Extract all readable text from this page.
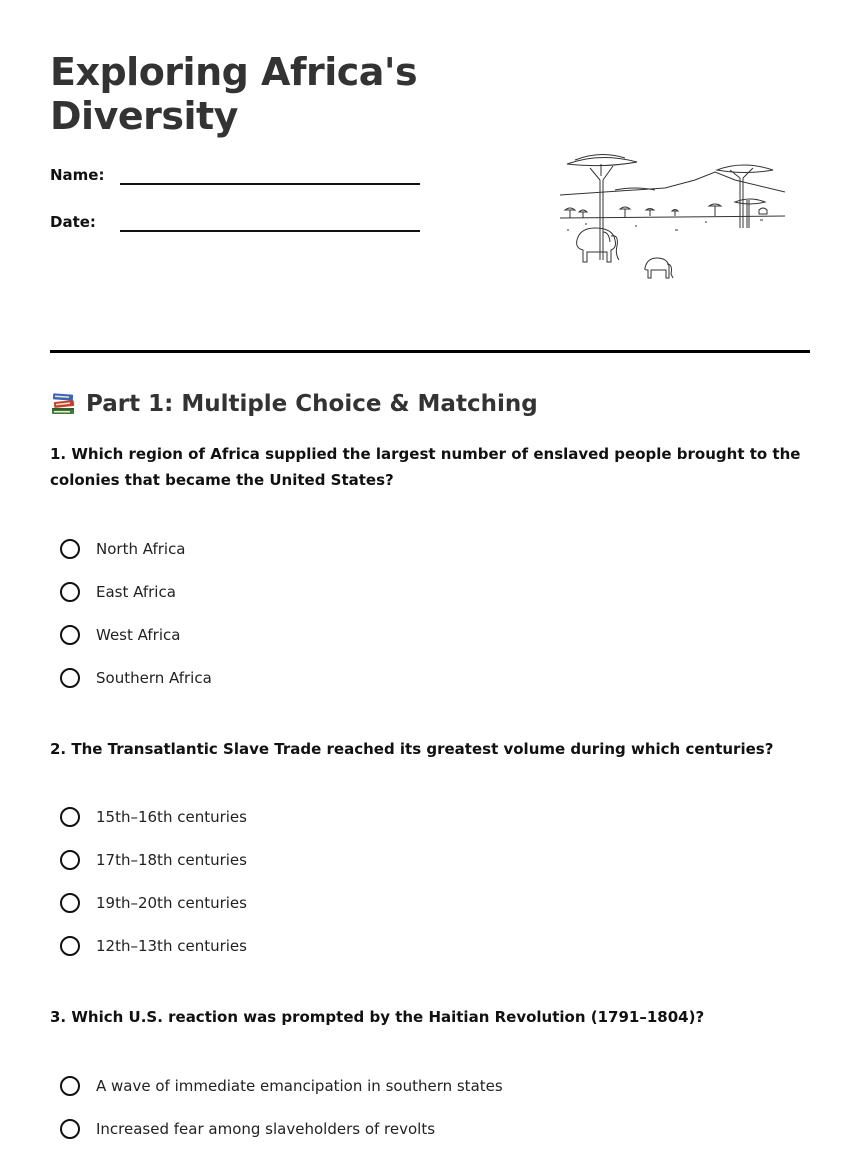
Exploring Africa's Diversity
Name:
Date:
Part 1: Multiple Choice & Matching

1. Which region of Africa supplied the largest number of enslaved people brought to the colonies that became the United States?

North Africa
East Africa
West Africa
Southern Africa

2. The Transatlantic Slave Trade reached its greatest volume during which centuries?

15th–16th centuries
17th–18th centuries
19th–20th centuries
12th–13th centuries

3. Which U.S. reaction was prompted by the Haitian Revolution (1791–1804)?

A wave of immediate emancipation in southern states
Increased fear among slaveholders of revolts
